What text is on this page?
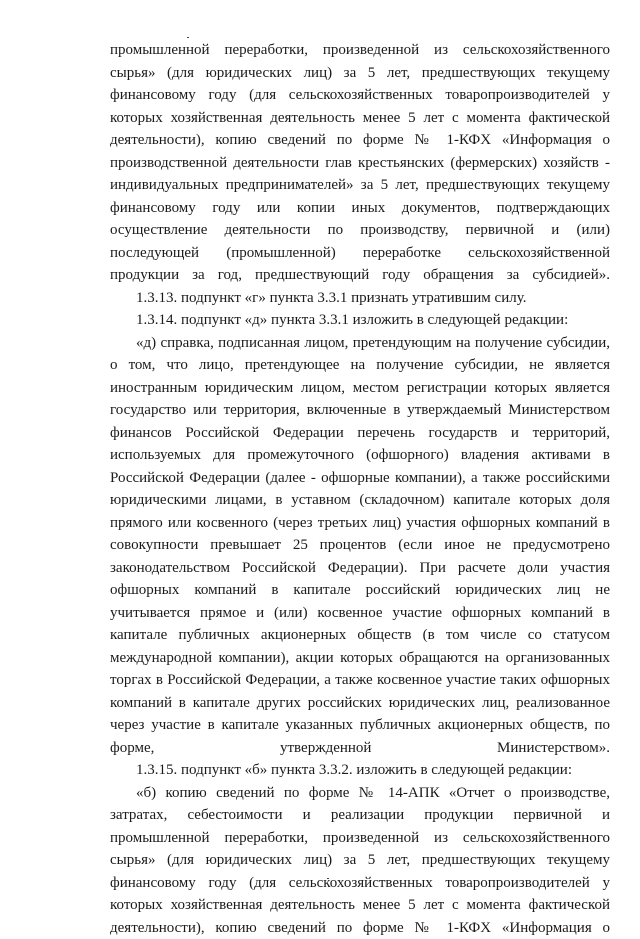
промышленной переработки, произведенной из сельскохозяйственного сырья» (для юридических лиц) за 5 лет, предшествующих текущему финансовому году (для сельскохозяйственных товаропроизводителей у которых хозяйственная деятельность менее 5 лет с момента фактической деятельности), копию сведений по форме № 1-КФХ «Информация о производственной деятельности глав крестьянских (фермерских) хозяйств - индивидуальных предпринимателей» за 5 лет, предшествующих текущему финансовому году или копии иных документов, подтверждающих осуществление деятельности по производству, первичной и (или) последующей (промышленной) переработке сельскохозяйственной продукции за год, предшествующий году обращения за субсидией».

1.3.13. подпункт «г» пункта 3.3.1 признать утратившим силу.

1.3.14. подпункт «д» пункта 3.3.1 изложить в следующей редакции:

«д) справка, подписанная лицом, претендующим на получение субсидии, о том, что лицо, претендующее на получение субсидии, не является иностранным юридическим лицом, местом регистрации которых является государство или территория, включенные в утверждаемый Министерством финансов Российской Федерации перечень государств и территорий, используемых для промежуточного (офшорного) владения активами в Российской Федерации (далее - офшорные компании), а также российскими юридическими лицами, в уставном (складочном) капитале которых доля прямого или косвенного (через третьих лиц) участия офшорных компаний в совокупности превышает 25 процентов (если иное не предусмотрено законодательством Российской Федерации). При расчете доли участия офшорных компаний в капитале российский юридических лиц не учитывается прямое и (или) косвенное участие офшорных компаний в капитале публичных акционерных обществ (в том числе со статусом международной компании), акции которых обращаются на организованных торгах в Российской Федерации, а также косвенное участие таких офшорных компаний в капитале других российских юридических лиц, реализованное через участие в капитале указанных публичных акционерных обществ, по форме, утвержденной Министерством».

1.3.15. подпункт «б» пункта 3.3.2. изложить в следующей редакции:

«б) копию сведений по форме № 14-АПК «Отчет о производстве, затратах, себестоимости и реализации продукции первичной и промышленной переработки, произведенной из сельскохозяйственного сырья» (для юридических лиц) за 5 лет, предшествующих текущему финансовому году (для сельскохозяйственных товаропроизводителей у которых хозяйственная деятельность менее 5 лет с момента фактической деятельности), копию сведений по форме № 1-КФХ «Информация о
